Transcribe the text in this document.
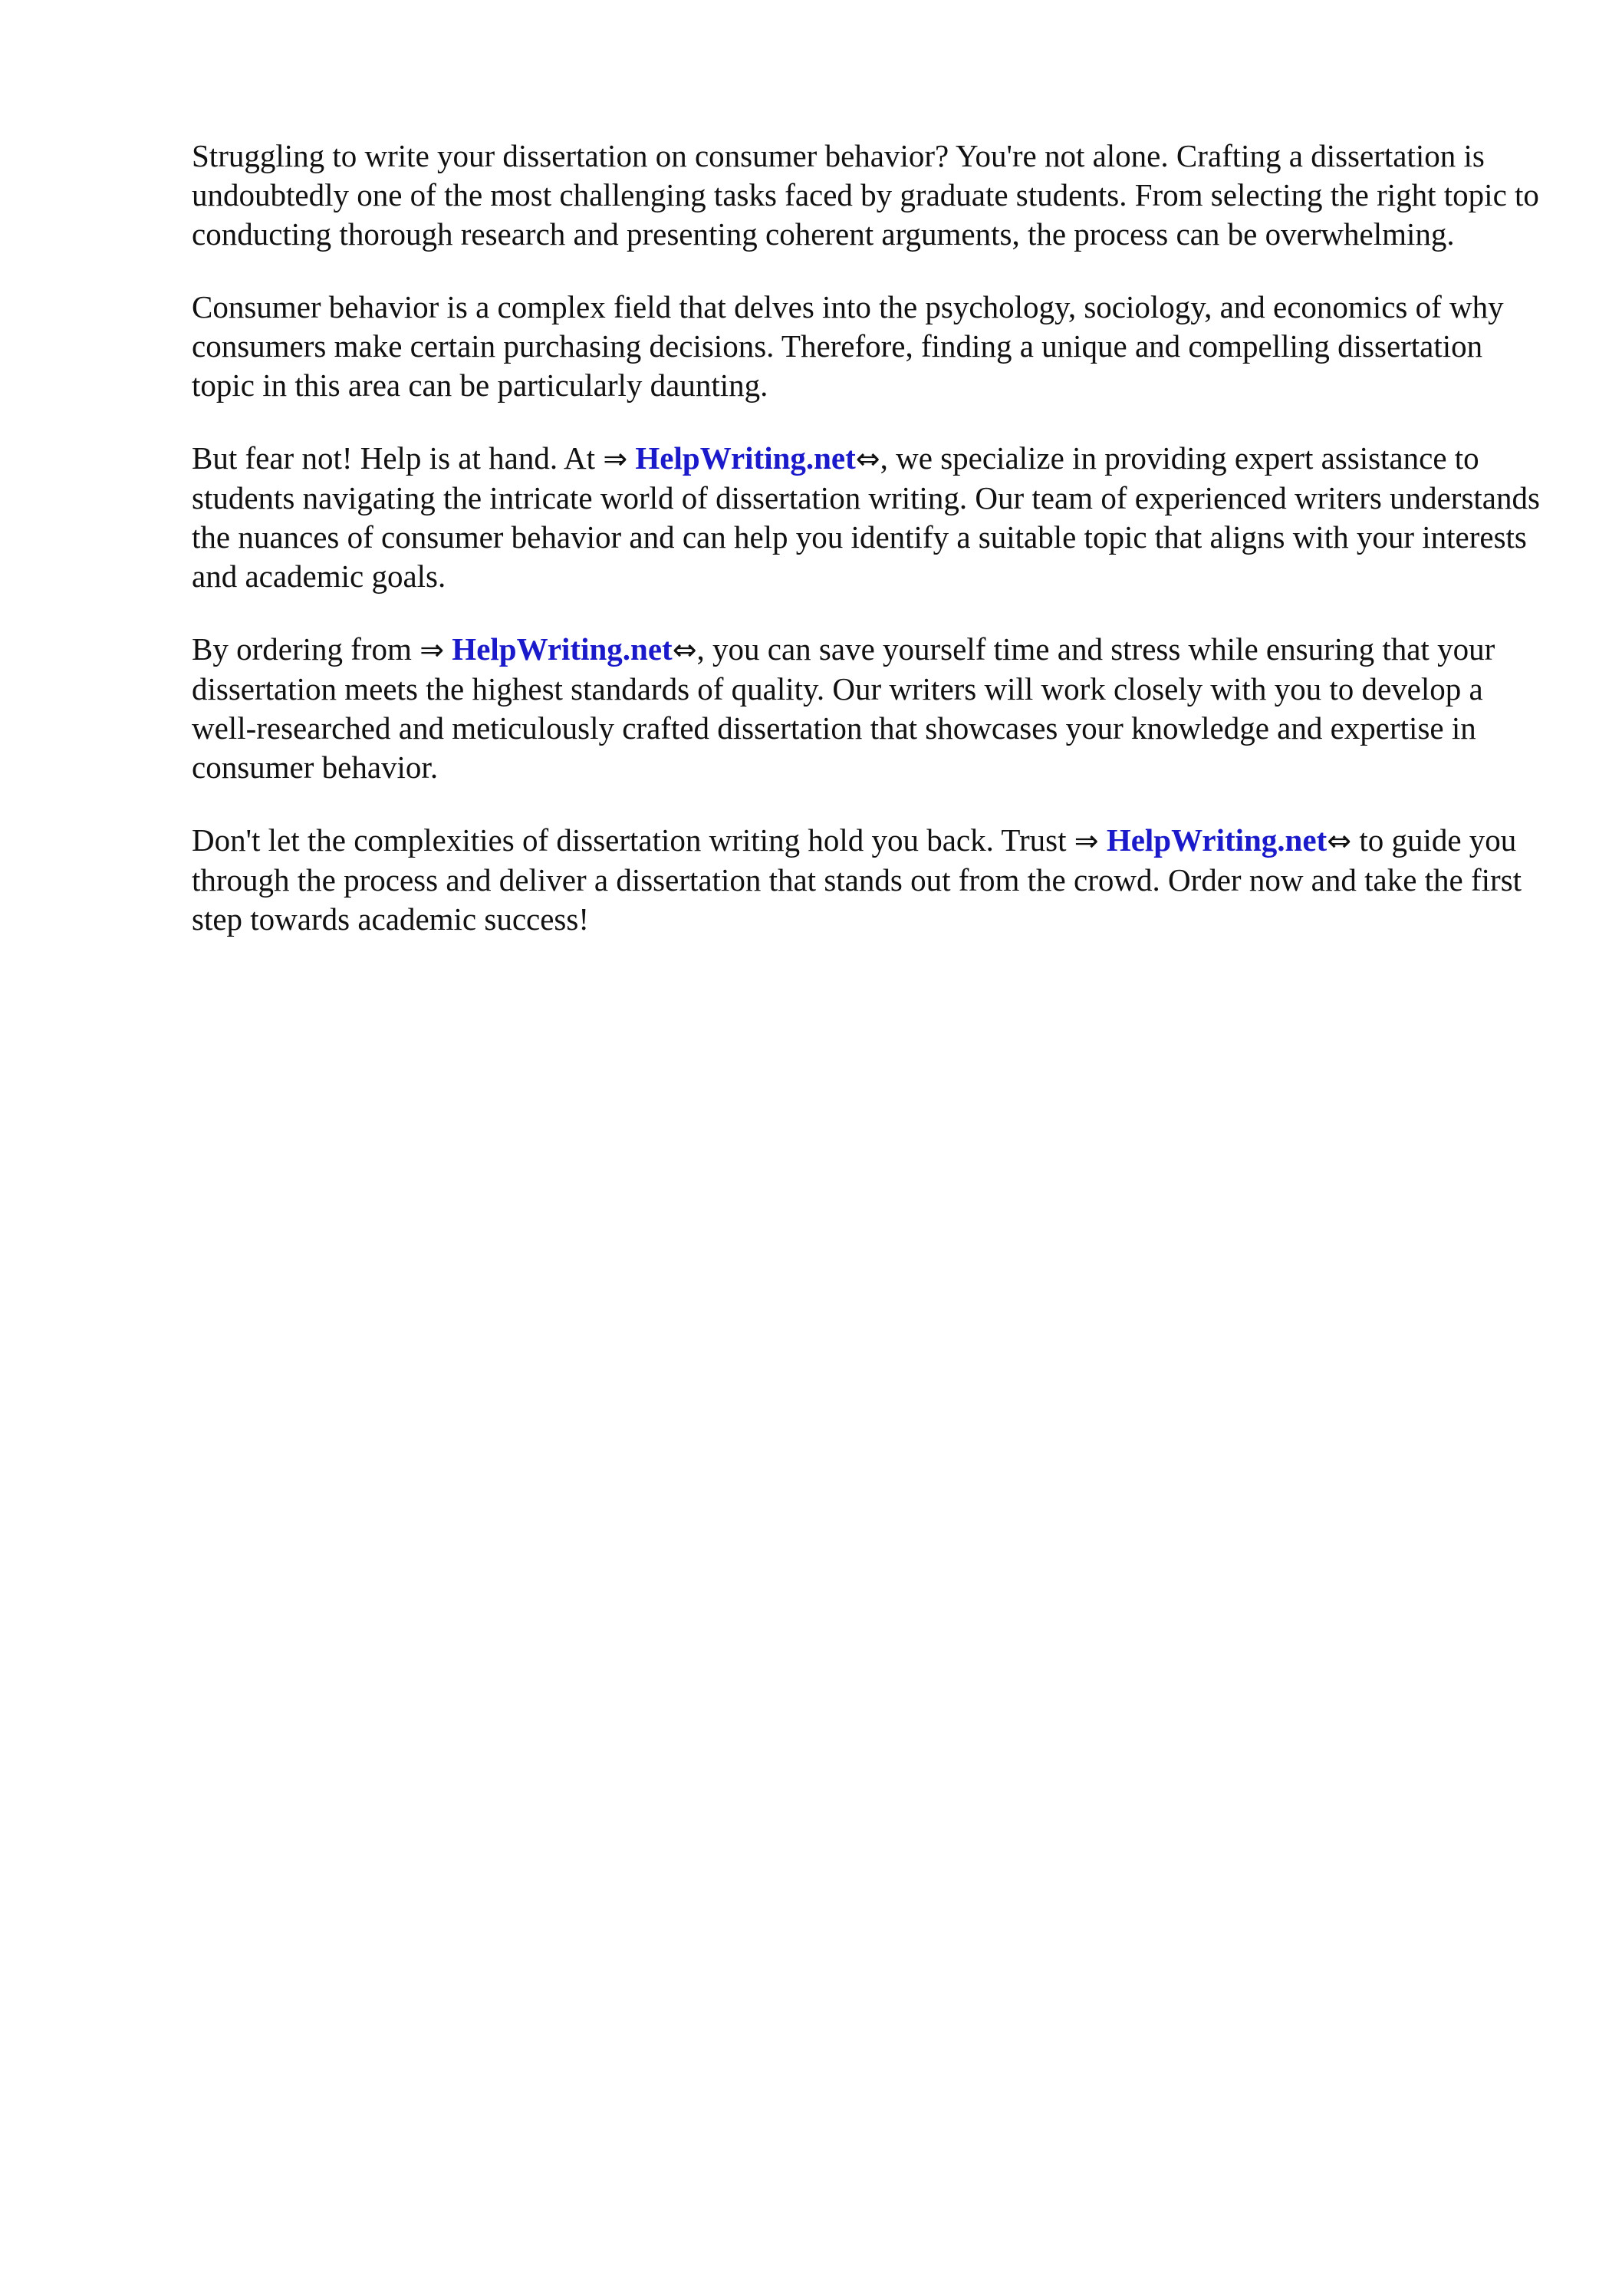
Struggling to write your dissertation on consumer behavior? You're not alone. Crafting a dissertation is undoubtedly one of the most challenging tasks faced by graduate students. From selecting the right topic to conducting thorough research and presenting coherent arguments, the process can be overwhelming.

Consumer behavior is a complex field that delves into the psychology, sociology, and economics of why consumers make certain purchasing decisions. Therefore, finding a unique and compelling dissertation topic in this area can be particularly daunting.

But fear not! Help is at hand. At ⇒ HelpWriting.net⇔, we specialize in providing expert assistance to students navigating the intricate world of dissertation writing. Our team of experienced writers understands the nuances of consumer behavior and can help you identify a suitable topic that aligns with your interests and academic goals.

By ordering from ⇒ HelpWriting.net⇔, you can save yourself time and stress while ensuring that your dissertation meets the highest standards of quality. Our writers will work closely with you to develop a well-researched and meticulously crafted dissertation that showcases your knowledge and expertise in consumer behavior.

Don't let the complexities of dissertation writing hold you back. Trust ⇒ HelpWriting.net⇔ to guide you through the process and deliver a dissertation that stands out from the crowd. Order now and take the first step towards academic success!
